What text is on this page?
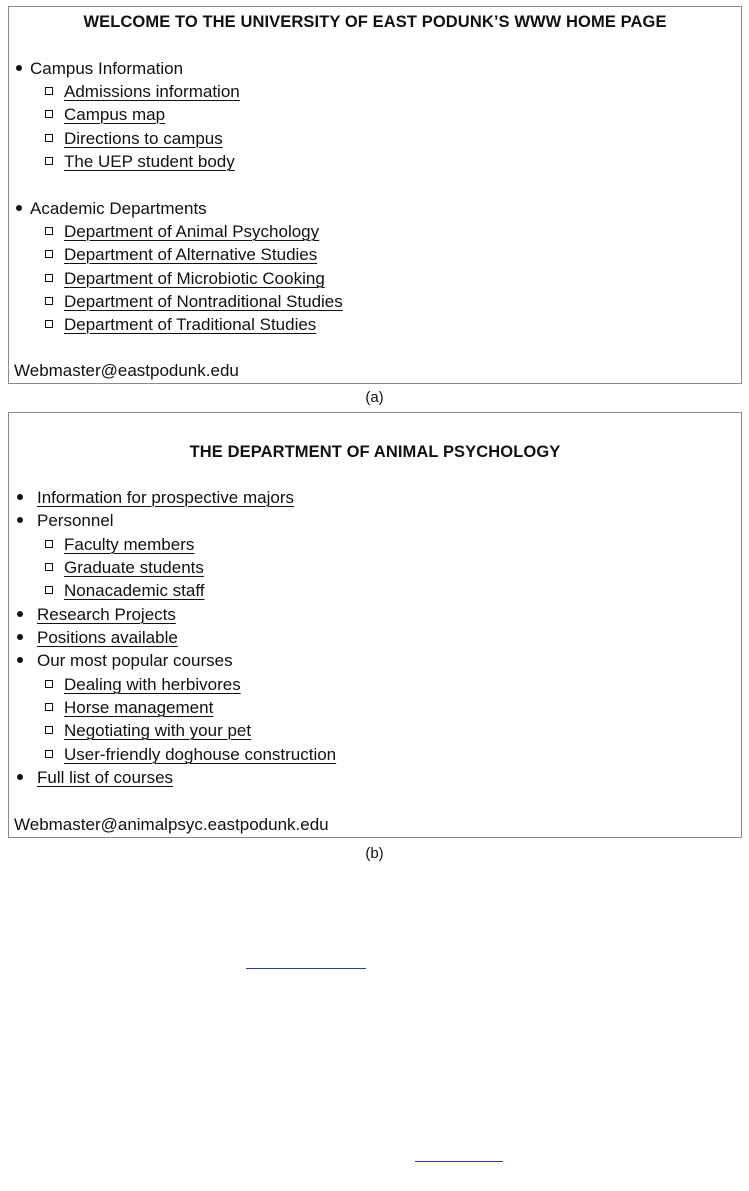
WELCOME TO THE UNIVERSITY OF EAST PODUNK’S WWW HOME PAGE
Campus Information
Admissions information
Campus map
Directions to campus
The UEP student body
Academic Departments
Department of Animal Psychology
Department of Alternative Studies
Department of Microbiotic Cooking
Department of Nontraditional Studies
Department of Traditional Studies
Webmaster@eastpodunk.edu
(a)
THE DEPARTMENT OF ANIMAL PSYCHOLOGY
Information for prospective majors
Personnel
Faculty members
Graduate students
Nonacademic staff
Research Projects
Positions available
Our most popular courses
Dealing with herbivores
Horse management
Negotiating with your pet
User-friendly doghouse construction
Full list of courses
Webmaster@animalpsyc.eastpodunk.edu
(b)
